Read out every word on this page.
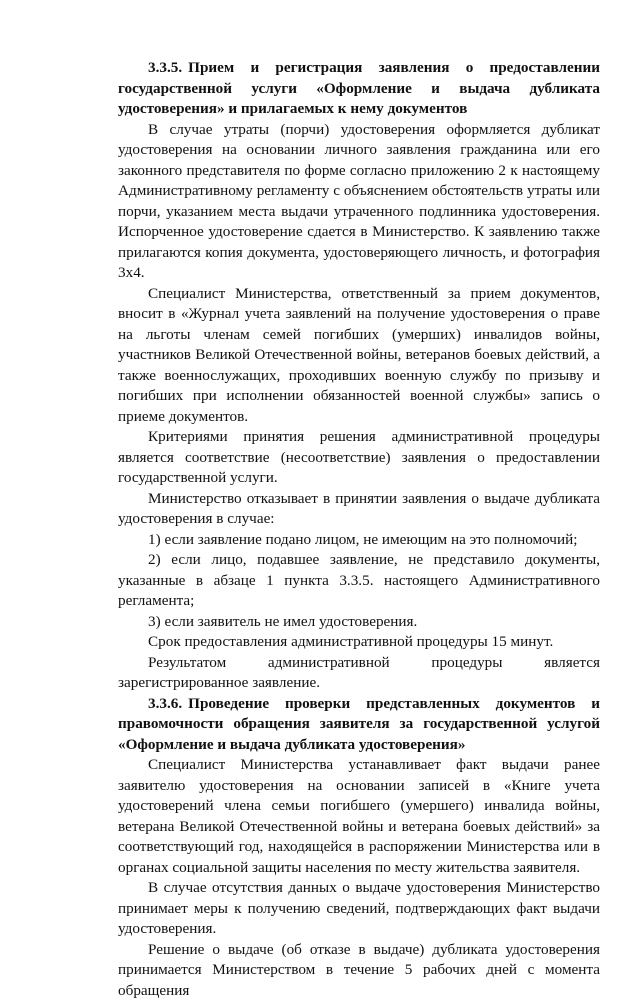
3.3.5. Прием и регистрация заявления о предоставлении государственной услуги «Оформление и выдача дубликата удостоверения» и прилагаемых к нему документов

В случае утраты (порчи) удостоверения оформляется дубликат удостоверения на основании личного заявления гражданина или его законного представителя по форме согласно приложению 2 к настоящему Административному регламенту с объяснением обстоятельств утраты или порчи, указанием места выдачи утраченного подлинника удостоверения. Испорченное удостоверение сдается в Министерство. К заявлению также прилагаются копия документа, удостоверяющего личность, и фотография 3x4.

Специалист Министерства, ответственный за прием документов, вносит в «Журнал учета заявлений на получение удостоверения о праве на льготы членам семей погибших (умерших) инвалидов войны, участников Великой Отечественной войны, ветеранов боевых действий, а также военнослужащих, проходивших военную службу по призыву и погибших при исполнении обязанностей военной службы» запись о приеме документов.

Критериями принятия решения административной процедуры является соответствие (несоответствие) заявления о предоставлении государственной услуги.

Министерство отказывает в принятии заявления о выдаче дубликата удостоверения в случае:

1) если заявление подано лицом, не имеющим на это полномочий;

2) если лицо, подавшее заявление, не представило документы, указанные в абзаце 1 пункта 3.3.5. настоящего Административного регламента;

3) если заявитель не имел удостоверения.

Срок предоставления административной процедуры 15 минут.

Результатом административной процедуры является зарегистрированное заявление.

3.3.6. Проведение проверки представленных документов и правомочности обращения заявителя за государственной услугой «Оформление и выдача дубликата удостоверения»

Специалист Министерства устанавливает факт выдачи ранее заявителю удостоверения на основании записей в «Книге учета удостоверений члена семьи погибшего (умершего) инвалида войны, ветерана Великой Отечественной войны и ветерана боевых действий» за соответствующий год, находящейся в распоряжении Министерства или в органах социальной защиты населения по месту жительства заявителя.

В случае отсутствия данных о выдаче удостоверения Министерство принимает меры к получению сведений, подтверждающих факт выдачи удостоверения.

Решение о выдаче (об отказе в выдаче) дубликата удостоверения принимается Министерством в течение 5 рабочих дней с момента обращения
